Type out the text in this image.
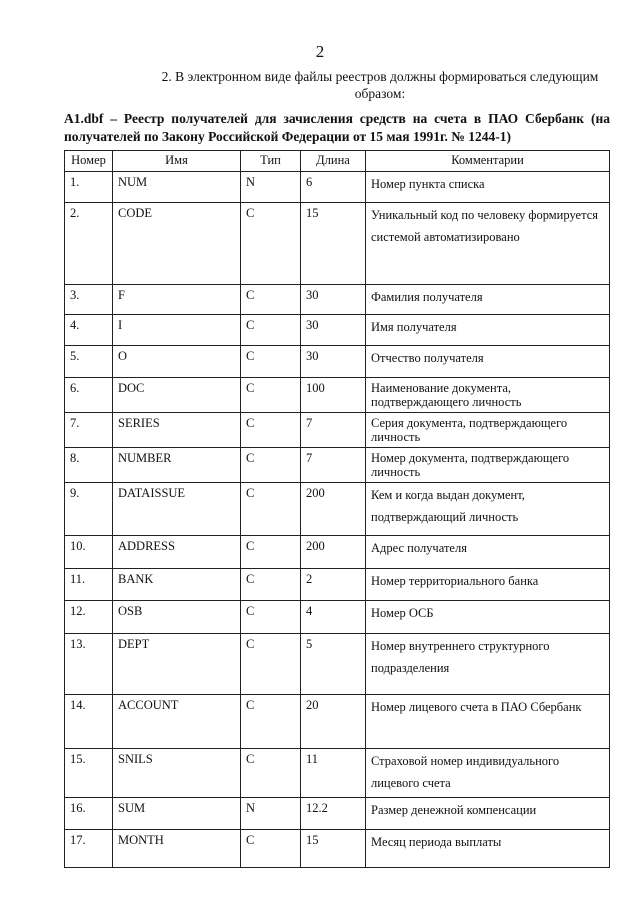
2
2. В электронном виде файлы реестров должны формироваться следующим образом:
A1.dbf – Реестр получателей для зачисления средств на счета в ПАО Сбербанк (на получателей по Закону Российской Федерации от 15 мая 1991г. № 1244-1)
Номер	Имя	Тип	Длина	Комментарии
1.	NUM	N	6	Номер пункта списка
2.	CODE	C	15	Уникальный код по человеку формируется системой автоматизировано
3.	F	C	30	Фамилия получателя
4.	I	C	30	Имя получателя
5.	O	C	30	Отчество получателя
6.	DOC	C	100	Наименование документа, подтверждающего личность
7.	SERIES	C	7	Серия документа, подтверждающего личность
8.	NUMBER	C	7	Номер документа, подтверждающего личность
9.	DATAISSUE	C	200	Кем и когда выдан документ, подтверждающий личность
10.	ADDRESS	C	200	Адрес получателя
11.	BANK	C	2	Номер территориального банка
12.	OSB	C	4	Номер ОСБ
13.	DEPT	C	5	Номер внутреннего структурного подразделения
14.	ACCOUNT	C	20	Номер лицевого счета в ПАО Сбербанк
15.	SNILS	C	11	Страховой номер индивидуального лицевого счета
16.	SUM	N	12.2	Размер денежной компенсации
17.	MONTH	C	15	Месяц периода выплаты
